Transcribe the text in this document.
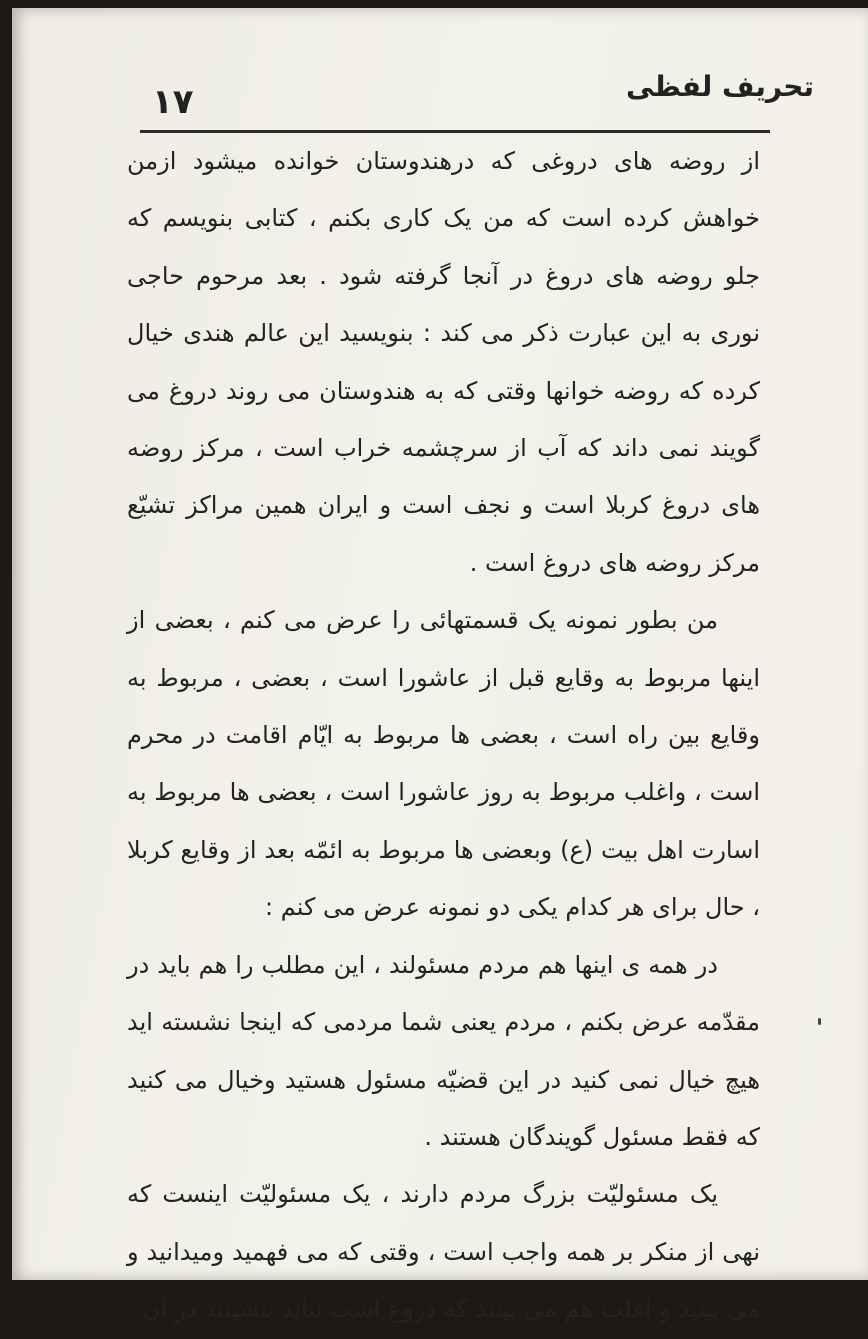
۱۷	تحریف لفظی

از روضه های دروغی که درهندوستان خوانده میشود ازمن خواهش کرده است که من یک کاری بکنم ، کتابی بنویسم که جلو روضه های دروغ در آنجا گرفته شود . بعد مرحوم حاجی نوری به این عبارت ذکر می کند : بنویسید این عالم هندی خیال کرده که روضه خوانها وقتی که به هندوستان می روند دروغ می گویند نمی داند که آب از سرچشمه خراب است ، مرکز روضه های دروغ کربلا است و نجف است و ایران همین مراکز تشیّع مرکز روضه های دروغ است .

من بطور نمونه یک قسمتهائی را عرض می کنم ، بعضی از اینها مربوط به وقایع قبل از عاشورا است ، بعضی ، مربوط به وقایع بین راه است ، بعضی ها مربوط به ایّام اقامت در محرم است ، واغلب مربوط به روز عاشورا است ، بعضی ها مربوط به اسارت اهل بیت (ع) وبعضی ها مربوط به ائمّه بعد از وقایع کربلا ، حال برای هر کدام یکی دو نمونه عرض می کنم :

در همه ی اینها هم مردم مسئولند ، این مطلب را هم باید در مقدّمه عرض بکنم ، مردم یعنی شما مردمی که اینجا نشسته اید هیچ خیال نمی کنید در این قضیّه مسئول هستید وخیال می کنید که فقط مسئول گویندگان هستند .

یک مسئولیّت بزرگ مردم دارند ، یک مسئولیّت اینست که نهی از منکر بر همه واجب است ، وقتی که می فهمید ومیدانید و می بینید و اغلب هم می بینند که دروغ است نباید بنشینند در آن
